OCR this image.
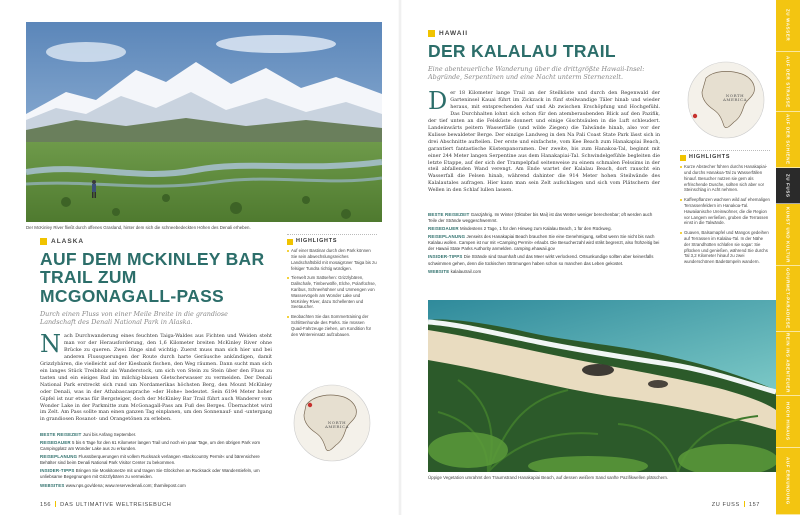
Der McKinley River fließt durch offenes Grasland, hinter dem sich die schneebedeckten Höhen des Denali erheben.
ALASKA
AUF DEM MCKINLEY BAR TRAIL ZUM MCGONAGALL-PASS
Durch einen Fluss von einer Meile Breite in die grandiose Landschaft des Denali National Park in Alaska.
Nach Durchwanderung eines feuchten Taiga-Waldes aus Fichten und Weiden steht man vor der Herausforderung, den 1,6 Kilometer breiten McKinley River ohne Brücke zu queren. Zwei Dinge sind wichtig: Zuerst muss man sich hier und bei anderen Flussquerungen der Route durch harte Geräusche ankündigen, damit Grizzlybären, die vielleicht auf der Kiesbank fischen, den Weg räumen. Dann sucht man sich ein langes Stück Treibholz als Wanderstock, um sich von Stein zu Stein über den Fluss zu tasten und ein eisiges Bad im milchig-blauen Gletscherwasser zu vermeiden. Der Denali National Park erstreckt sich rund um Nordamerikas höchsten Berg, den Mount McKinley oder Denali, was in der Athabascasprache »der Hohe« bedeutet. Sein 6194 Meter hoher Gipfel ist nur etwas für Bergsteiger, doch der McKinley Bar Trail führt auch Wanderer vom Wonder Lake in der Parkmitte zum McGonagall-Pass am Fuß des Berges. Übernachtet wird im Zelt. Am Pass sollte man einen ganzen Tag einplanen, um den Sonnenauf- und -untergang in grandiosen Rosanot- und Orangetönen zu erleben.

BESTE REISEZEIT Juni bis Anfang September.

REISEDAUER 5 bis 6 Tage für den 61 Kilometer langen Trail und noch ein paar Tage, um den übrigen Park vom Campingplatz am Wonder Lake aus zu erkunden.

REISEPLANUNG Flussüberquerungen mit vollem Rucksack verlangen »Backcountry Permit« und bärensichere Behälter sind beim Denali National Park Visitor Center zu bekommen.

INSIDER-TIPPS Bringen Sie Moskitonetze mit und tragen Sie Glöckchen an Rucksack oder Wanderstiefeln, um unliebsame Begegnungen mit Grizzlybären zu vermeiden.

WEBSITES www.nps.gov/dena; www.reservedenali.com; thamilepost.com

HIGHLIGHTS
Auf einer Bastinar durch den Park können Sie sein abwechslungsreiches Landschaftsbild mit mosaigrüner Taiga bis zu felsiger Tundra richtig würdigen.
Tierwelt zum Sattsehen: Grizzlybären, Dallschafe, Timberwölfe, Elche, Polarfüchse, Karibus, Schneehühner und Unmengen von Wasservögeln am Wonder Lake und McKinley River, dazu Schellenten und Seetaucher.
Beobachten Sie das Sommertraining der Schlittenhunde des Parks. Sie müssen Quad-Fahrzeuge ziehen, um Kondition für den Wintereinsatz aufzubauen.
NORTH AMERICA
156 DAS ULTIMATIVE WELTREISEBUCH
HAWAII
DER KALALAU TRAIL
Eine abenteuerliche Wanderung über die drittgrößte Hawaii-Insel: Abgründe, Serpentinen und eine Nacht unterm Sternenzelt.
Der 18 Kilometer lange Trail an der Steilküste und durch den Regenwald der Garteninsel Kauai führt im Zickzack in fünf steilwandige Täler hinab und wieder heraus, mit entsprechenden Auf und Ab zwischen Erschöpfung und Hochgefühl. Das Durchhalten lohnt sich schon für den atemberaubenden Blick auf den Pazifik, der tief unten an die Felsküste donnert und einige Gischtsäulen in die Luft schleudert. Landeinwärts peitern Wasserfälle (und wilde Ziegen) die Talwände hinab, also vor der Kulisse bewaldeter Berge. Der einzige Landweg in den Na Pali Coast State Park lässt sich in drei Abschnitte aufteilen. Der erste und einfachste, vom Kee Beach zum Hanakapiai Beach, garantiert fantastische Küstenpanoramen. Der zweite, bis zum Hanakoa-Tal, beginnt mit einer 244 Meter langen Serpentine aus dem Hanakapiai-Tal. Schwindelgefühle begleiten die letzte Etappe, auf der sich der Trampelpfad seitenweise zu einem schmalen Felssims in der steil abfallenden Wand verengt. Am Ende wartet der Kalalau Beach, dort rauscht ein Wasserfall die Felsen hinab, während dahinter die 914 Meter hohen Steilwände des Kalalautales aufragen. Hier kann man sein Zelt aufschlagen und sich vom Plätschern der Wellen in den Schlaf lullen lassen.

BESTE REISEZEIT Ganzjährig. Im Winter (Oktober bis Mai) ist das Wetter weniger berechenbar; oft werden auch Teile der Strände weggeschwemmt.

REISEDAUER Mindestens 2 Tage, 1 für den Hinweg zum Kalalau Beach, 1 für den Rückweg.

REISEPLANUNG Jenseits des Hanakapiai Beach brauchen Sie eine Genehmigung, selbst wenn Sie nicht bis nach Kalalau wollen. Campen ist nur mit »Camping Permit« erlaubt. Die Besucherzahl wird strikt begrenzt, also frühzeitig bei der Hawaii State Parks Authority anmelden. camping.ehawaii.gov

INSIDER-TIPPS Die Strände sind traumhaft und das Meer wirkt verlockend. Ortsunkundige sollten aber keinesfalls schwimmen gehen, denn die tückischen Strömungen haben schon so manchen das Leben gekostet.

WEBSITE kalalautrail.com

NORTH AMERICA
HIGHLIGHTS
Kurze Abstecher führen durchs Hanakapiai- und durchs Hanakoa-Tal zu Wasserfällen hinauf. Besucher nutzen sie gern als erfrischende Dusche, sollten sich aber vor Steinschlag in Acht nehmen.
Kaffeepflanzen wachsen wild auf ehemaligen Terrassenfeldern im Hanakoa-Tal. Hawaiianische Ureinwohner, die die Region vor Langem verließen, gruben die Terrassen einst in die Talwände.
Guaven, Balsamapfel und Mangos gedeihen auf Terrassen im Kalalau-Tal. In der Nähe der Strandhütten schlafen sie sogar: Sie pflücken und genießen, während Sie durchs Tal 3,2 Kilometer hinauf zu zwei wunderschönen Badetümpeln wandern.
Üppige Vegetation umrahmt den Traumstrand Hanakapiai Beach, auf dessen weißem Sand sanfte Pazifikwellen plätschern.
ZU FUSS 157
ZU WASSER
AUF DER STRASSE
AUF DER SCHIENE
ZU FUSS
KUNST UND KULTUR
GOURMET-PARADIESE
REIN INS ABENTEUER
HOCH HINAUS
AUF ERKUNDUNG
